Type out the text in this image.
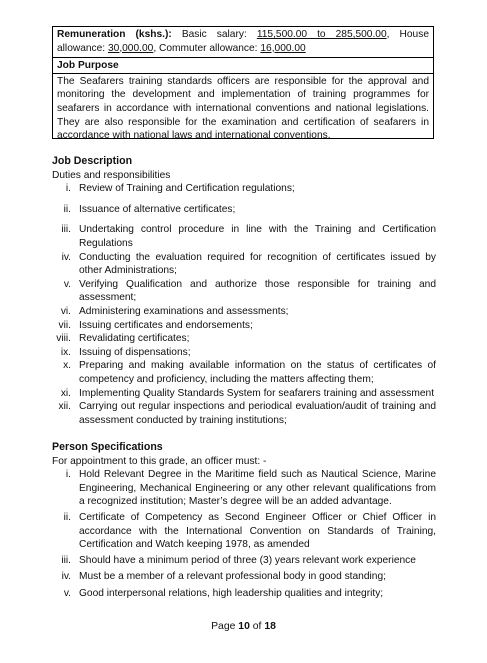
Remuneration (kshs.): Basic salary: 115,500.00 to 285,500.00, House allowance: 30,000.00, Commuter allowance: 16,000.00
Job Purpose
The Seafarers training standards officers are responsible for the approval and monitoring the development and implementation of training programmes for seafarers in accordance with international conventions and national legislations. They are also responsible for the examination and certification of seafarers in accordance with national laws and international conventions.
Job Description
Duties and responsibilities
i. Review of Training and Certification regulations;
ii. Issuance of alternative certificates;
iii. Undertaking control procedure in line with the Training and Certification Regulations
iv. Conducting the evaluation required for recognition of certificates issued by other Administrations;
v. Verifying Qualification and authorize those responsible for training and assessment;
vi. Administering examinations and assessments;
vii. Issuing certificates and endorsements;
viii. Revalidating certificates;
ix. Issuing of dispensations;
x. Preparing and making available information on the status of certificates of competency and proficiency, including the matters affecting them;
xi. Implementing Quality Standards System for seafarers training and assessment
xii. Carrying out regular inspections and periodical evaluation/audit of training and assessment conducted by training institutions;
Person Specifications
For appointment to this grade, an officer must: -
i. Hold Relevant Degree in the Maritime field such as Nautical Science, Marine Engineering, Mechanical Engineering or any other relevant qualifications from a recognized institution; Master’s degree will be an added advantage.
ii. Certificate of Competency as Second Engineer Officer or Chief Officer in accordance with the International Convention on Standards of Training, Certification and Watch keeping 1978, as amended
iii. Should have a minimum period of three (3) years relevant work experience
iv. Must be a member of a relevant professional body in good standing;
v. Good interpersonal relations, high leadership qualities and integrity;
Page 10 of 18
